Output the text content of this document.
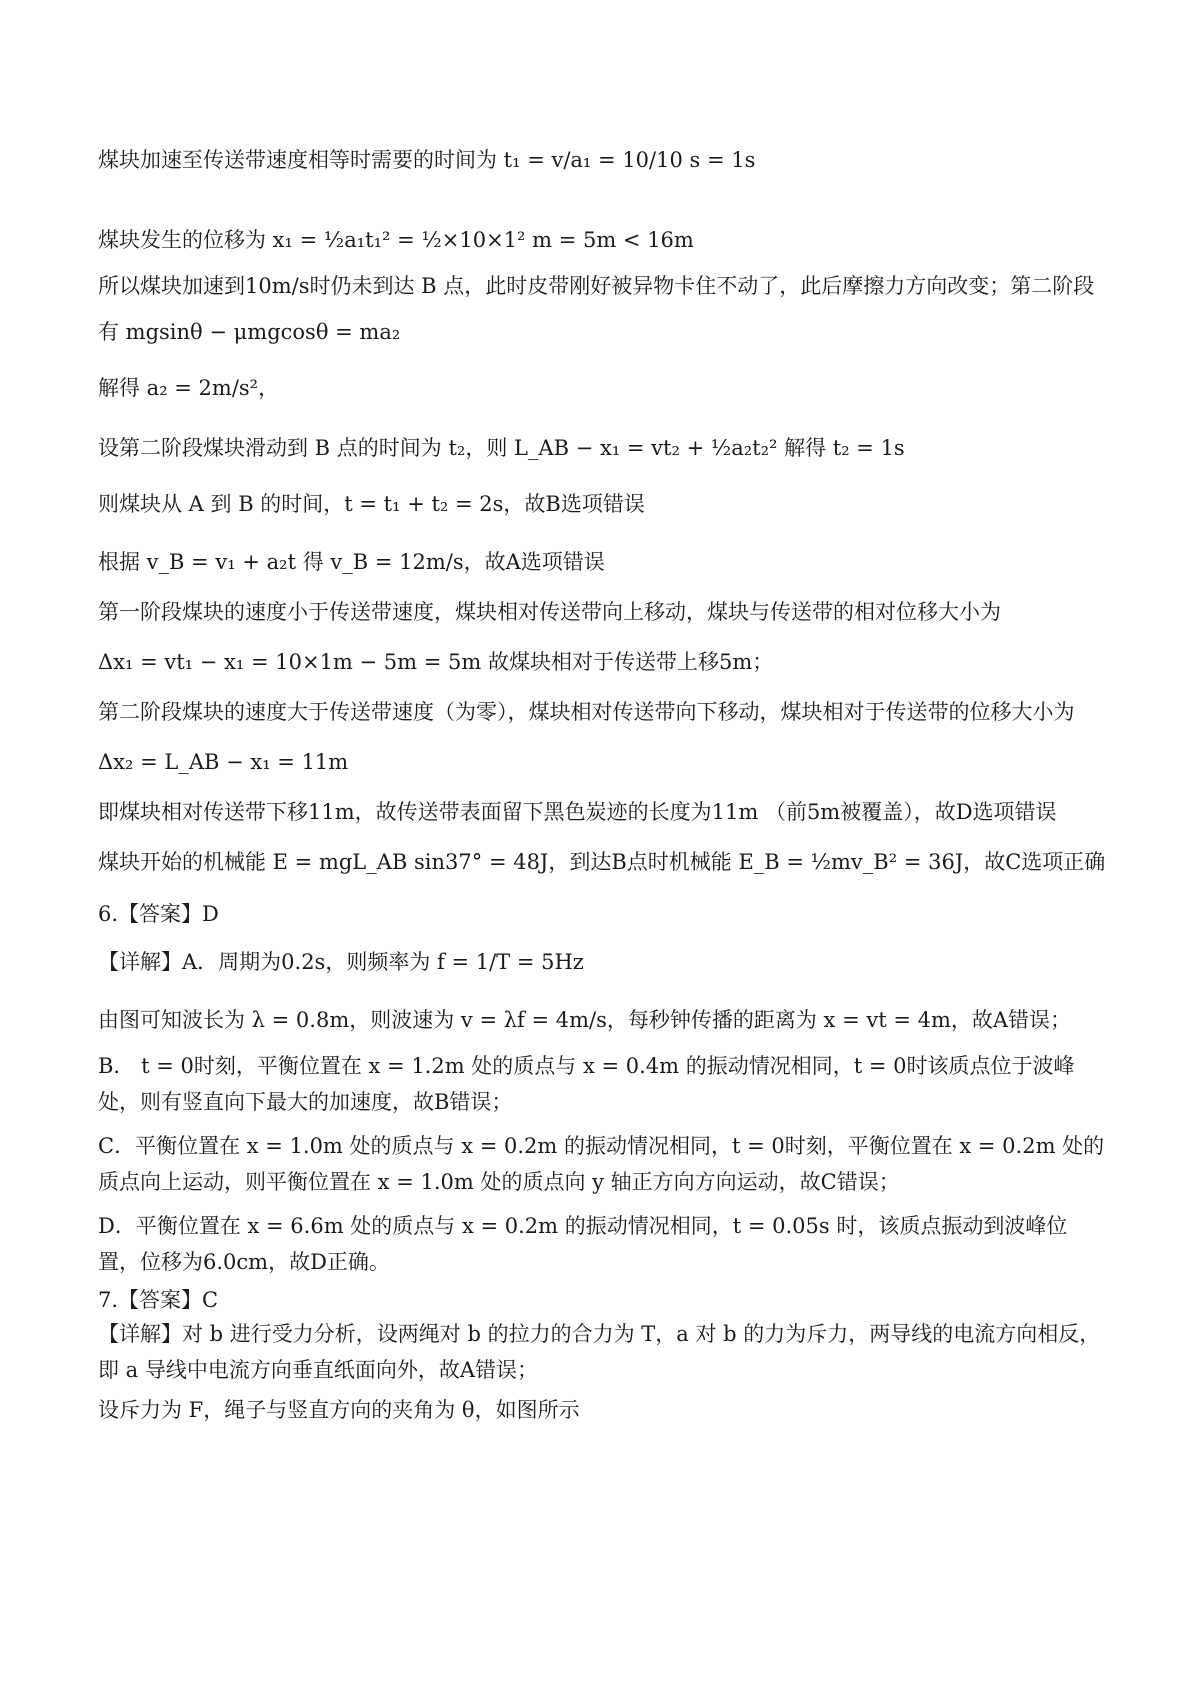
煤块加速至传送带速度相等时需要的时间为 t₁ = v/a₁ = 10/10 s = 1s
煤块发生的位移为 x₁ = ½a₁t₁² = ½×10×1² m = 5m < 16m
所以煤块加速到10m/s时仍未到达 B 点，此时皮带刚好被异物卡住不动了，此后摩擦力方向改变；第二阶段
有 mgsinθ − μmgcosθ = ma₂
解得 a₂ = 2m/s²，
设第二阶段煤块滑动到 B 点的时间为 t₂，则 L_AB − x₁ = vt₂ + ½a₂t₂² 解得 t₂ = 1s
则煤块从 A 到 B 的时间，t = t₁ + t₂ = 2s，故B选项错误
根据 v_B = v₁ + a₂t 得 v_B = 12m/s，故A选项错误
第一阶段煤块的速度小于传送带速度，煤块相对传送带向上移动，煤块与传送带的相对位移大小为
Δx₁ = vt₁ − x₁ = 10×1m − 5m = 5m 故煤块相对于传送带上移5m；
第二阶段煤块的速度大于传送带速度（为零），煤块相对传送带向下移动，煤块相对于传送带的位移大小为
Δx₂ = L_AB − x₁ = 11m
即煤块相对传送带下移11m，故传送带表面留下黑色炭迹的长度为11m （前5m被覆盖），故D选项错误
煤块开始的机械能 E = mgL_AB sin37° = 48J，到达B点时机械能 E_B = ½mv_B² = 36J，故C选项正确
6.【答案】D
【详解】A．周期为0.2s，则频率为 f = 1/T = 5Hz
由图可知波长为 λ = 0.8m，则波速为 v = λf = 4m/s，每秒钟传播的距离为 x = vt = 4m，故A错误；
B． t = 0时刻，平衡位置在 x = 1.2m 处的质点与 x = 0.4m 的振动情况相同，t = 0时该质点位于波峰处，则有竖直向下最大的加速度，故B错误；
C．平衡位置在 x = 1.0m 处的质点与 x = 0.2m 的振动情况相同，t = 0时刻，平衡位置在 x = 0.2m 处的质点向上运动，则平衡位置在 x = 1.0m 处的质点向 y 轴正方向方向运动，故C错误；
D．平衡位置在 x = 6.6m 处的质点与 x = 0.2m 的振动情况相同，t = 0.05s 时，该质点振动到波峰位置，位移为6.0cm，故D正确。
7.【答案】C
【详解】对 b 进行受力分析，设两绳对 b 的拉力的合力为 T，a 对 b 的力为斥力，两导线的电流方向相反，即 a 导线中电流方向垂直纸面向外，故A错误；
设斥力为 F，绳子与竖直方向的夹角为 θ，如图所示
